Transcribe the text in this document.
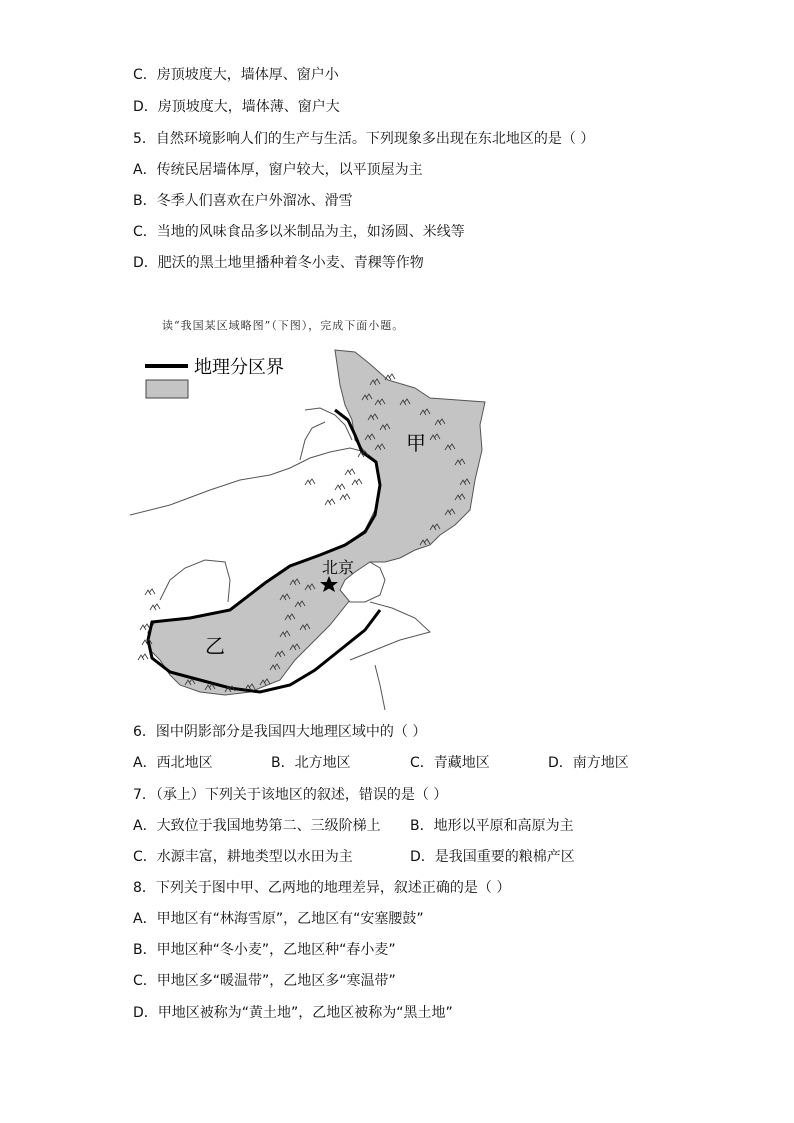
C．房顶坡度大，墙体厚、窗户小
D．房顶坡度大，墙体薄、窗户大
5．自然环境影响人们的生产与生活。下列现象多出现在东北地区的是（ ）
A．传统民居墙体厚，窗户较大，以平顶屋为主
B．冬季人们喜欢在户外溜冰、滑雪
C．当地的风味食品多以米制品为主，如汤圆、米线等
D．肥沃的黑土地里播种着冬小麦、青稞等作物
读“我国某区域略图”（下图），完成下面小题。
地理分区界
甲
乙
北京
6．图中阴影部分是我国四大地理区域中的（ ）
A．西北地区	B．北方地区	C．青藏地区	D．南方地区
7．（承上）下列关于该地区的叙述，错误的是（ ）
A．大致位于我国地势第二、三级阶梯上 B．地形以平原和高原为主
C．水源丰富，耕地类型以水田为主	D．是我国重要的粮棉产区
8．下列关于图中甲、乙两地的地理差异，叙述正确的是（ ）
A．甲地区有“林海雪原”，乙地区有“安塞腰鼓”
B．甲地区种“冬小麦”，乙地区种“春小麦”
C．甲地区多“暖温带”，乙地区多“寒温带”
D．甲地区被称为“黄土地”，乙地区被称为“黑土地”
